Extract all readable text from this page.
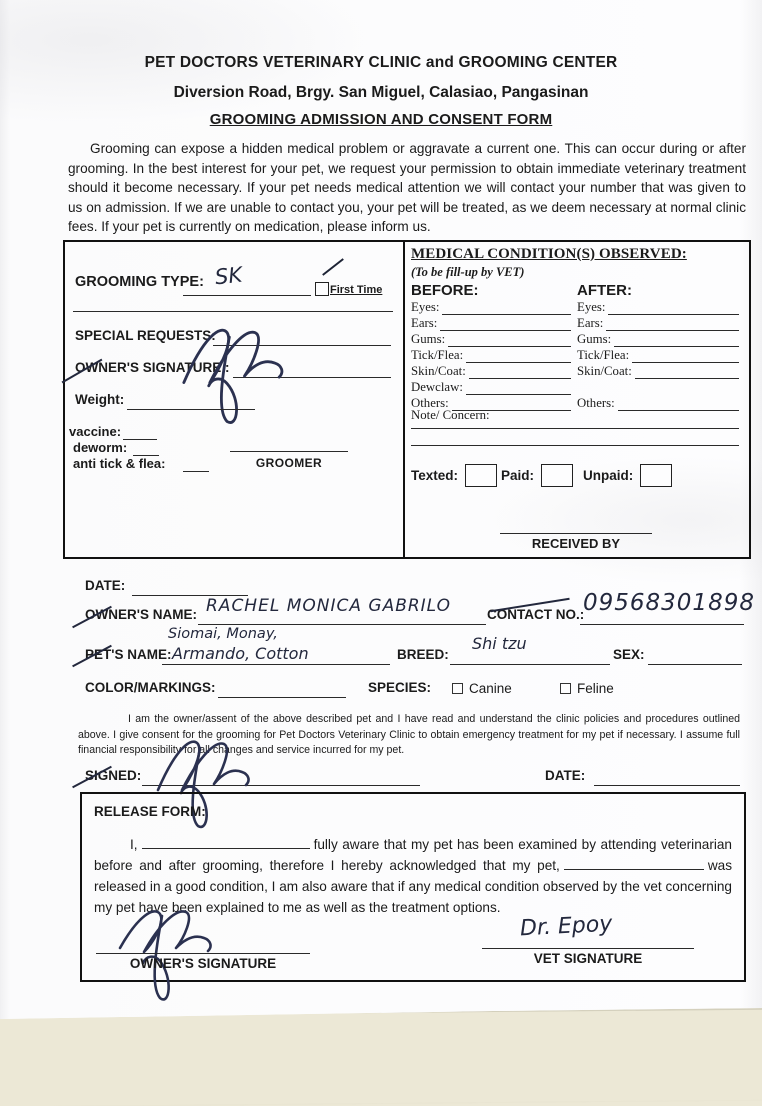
PET DOCTORS VETERINARY CLINIC and GROOMING CENTER
Diversion Road, Brgy. San Miguel, Calasiao, Pangasinan
GROOMING ADMISSION AND CONSENT FORM
Grooming can expose a hidden medical problem or aggravate a current one. This can occur during or after grooming. In the best interest for your pet, we request your permission to obtain immediate veterinary treatment should it become necessary. If your pet needs medical attention we will contact your number that was given to us on admission. If we are unable to contact you, your pet will be treated, as we deem necessary at normal clinic fees. If your pet is currently on medication, please inform us.
GROOMING TYPE: SK
First Time
SPECIAL REQUESTS:
OWNER'S SIGNATURE :
Weight:
vaccine:
deworm:
anti tick & flea:	GROOMER
MEDICAL CONDITION(S) OBSERVED:
(To be fill-up by VET)
BEFORE:	AFTER:
Eyes:	Eyes:
Ears:	Ears:
Gums:	Gums:
Tick/Flea:	Tick/Flea:
Skin/Coat:	Skin/Coat:
Dewclaw:
Others:	Others:
Note/ Concern:
Texted:	Paid:	Unpaid:
RECEIVED BY
DATE:
OWNER'S NAME: RACHEL MONICA GABRILO	CONTACT NO.:
09568301898
PET'S NAME:
Siomai, Monay,
Armando, Cotton	BREED:
Shi tzu
SEX:
COLOR/MARKINGS:	SPECIES:	Canine	Feline
I am the owner/assent of the above described pet and I have read and understand the clinic policies and procedures outlined above. I give consent for the grooming for Pet Doctors Veterinary Clinic to obtain emergency treatment for my pet if necessary. I assume full financial responsibility for all changes and service incurred for my pet.
SIGNED:	DATE:
RELEASE FORM:
I,	fully aware that my pet has been examined by attending veterinarian before and after grooming, therefore I hereby acknowledged that my pet,	was released in a good condition, I am also aware that if any medical condition observed by the vet concerning my pet have been explained to me as well as the treatment options.
OWNER'S SIGNATURE
Dr. Epoy
VET SIGNATURE
